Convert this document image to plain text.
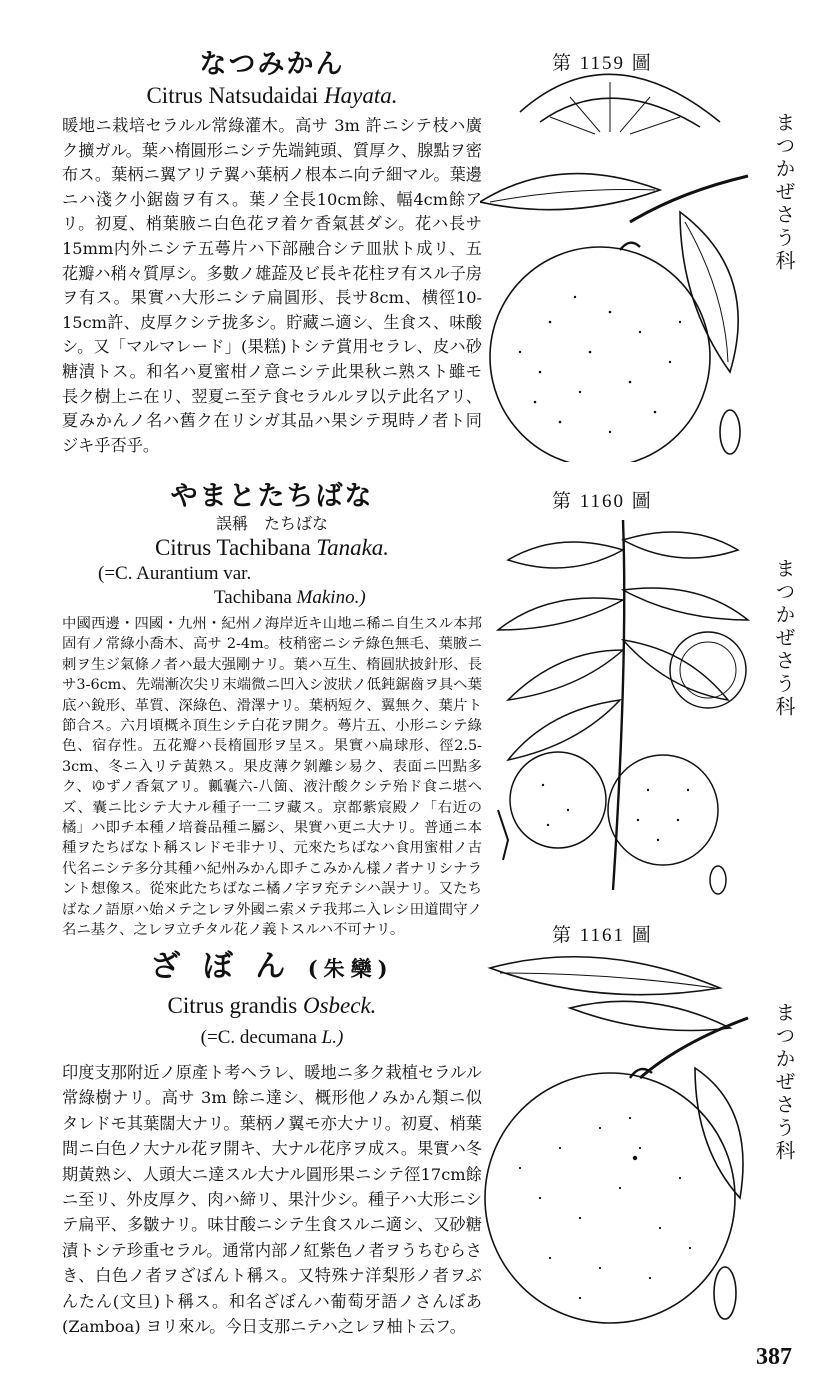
なつみかん

Citrus Natsudaidai Hayata.

暖地ニ栽培セラルル常綠灌木。高サ 3m 許ニシテ枝ハ廣ク擴ガル。葉ハ楕圓形ニシテ先端鈍頭、質厚ク、腺點ヲ密布ス。葉柄ニ翼アリテ翼ハ葉柄ノ根本ニ向テ細マル。葉邊ニハ淺ク小鋸齒ヲ有ス。葉ノ全長10cm餘、幅4cm餘アリ。初夏、梢葉腋ニ白色花ヲ着ケ香氣甚ダシ。花ハ長サ15mm内外ニシテ五蕚片ハ下部融合シテ皿狀ト成リ、五花瓣ハ稍々質厚シ。多數ノ雄蕋及ビ長キ花柱ヲ有スル子房ヲ有ス。果實ハ大形ニシテ扁圓形、長サ8cm、横徑10-15cm許、皮厚クシテ拢多シ。貯藏ニ適シ、生食ス、味酸シ。又「マルマレード」(果糕)トシテ賞用セラレ、皮ハ砂糖漬トス。和名ハ夏蜜柑ノ意ニシテ此果秋ニ熟スト雖モ長ク樹上ニ在リ、翌夏ニ至テ食セラルルヲ以テ此名アリ、夏みかんノ名ハ舊ク在リシガ其品ハ果シテ現時ノ者ト同ジキ乎否乎。

やまとたちばな

誤稱　たちばな

Citrus Tachibana Tanaka.

(=C. Aurantium var.

Tachibana Makino.)

中國西邊・四國・九州・紀州ノ海岸近キ山地ニ稀ニ自生スル本邦固有ノ常綠小喬木、高サ 2-4m。枝稍密ニシテ綠色無毛、葉腋ニ刺ヲ生ジ氣條ノ者ハ最大强剛ナリ。葉ハ互生、楕圓狀披針形、長サ3-6cm、先端漸次尖リ末端微ニ凹入シ波狀ノ低鈍鋸齒ヲ具ヘ葉底ハ銳形、革質、深綠色、滑澤ナリ。葉柄短ク、翼無ク、葉片ト節合ス。六月頃概ネ頂生シテ白花ヲ開ク。蕚片五、小形ニシテ綠色、宿存性。五花瓣ハ長楕圓形ヲ呈ス。果實ハ扁球形、徑2.5-3cm、冬ニ入リテ黃熟ス。果皮薄ク剝離シ易ク、表面ニ凹點多ク、ゆずノ香氣アリ。瓤囊六-八箇、液汁酸クシテ殆ド食ニ堪ヘズ、囊ニ比シテ大ナル種子一二ヲ藏ス。京都紫宸殿ノ「右近の橘」ハ即チ本種ノ培養品種ニ屬シ、果實ハ更ニ大ナリ。普通ニ本種ヲたちばなト稱スレドモ非ナリ、元來たちばなハ食用蜜柑ノ古代名ニシテ多分其種ハ紀州みかん即チこみかん樣ノ者ナリシナラント想像ス。從來此たちばなニ橘ノ字ヲ充テシハ誤ナリ。又たちばなノ語原ハ始メテ之レヲ外國ニ索メテ我邦ニ入レシ田道間守ノ名ニ基ク、之レヲ立チタル花ノ義トスルハ不可ナリ。

ざ ぼ ん (朱欒)

Citrus grandis Osbeck.

(=C. decumana L.)

印度支那附近ノ原產ト考ヘラレ、暖地ニ多ク栽植セラルル常綠樹ナリ。高サ 3m 餘ニ達シ、概形他ノみかん類ニ似タレドモ其葉闊大ナリ。葉柄ノ翼モ亦大ナリ。初夏、梢葉間ニ白色ノ大ナル花ヲ開キ、大ナル花序ヲ成ス。果實ハ冬期黃熟シ、人頭大ニ達スル大ナル圓形果ニシテ徑17cm餘ニ至リ、外皮厚ク、肉ハ締リ、果汁少シ。種子ハ大形ニシテ扁平、多皺ナリ。味甘酸ニシテ生食スルニ適シ、又砂糖漬トシテ珍重セラル。通常内部ノ紅紫色ノ者ヲうちむらさき、白色ノ者ヲざぼんト稱ス。又特殊ナ洋梨形ノ者ヲぶんたん(文旦)ト稱ス。和名ざぼんハ葡萄牙語ノさんぼあ (Zamboa) ヨリ來ル。今日支那ニテハ之レヲ柚ト云フ。

第 1159 圖
まつかぜさう科
第 1160 圖
まつかぜさう科
第 1161 圖
まつかぜさう科
387
